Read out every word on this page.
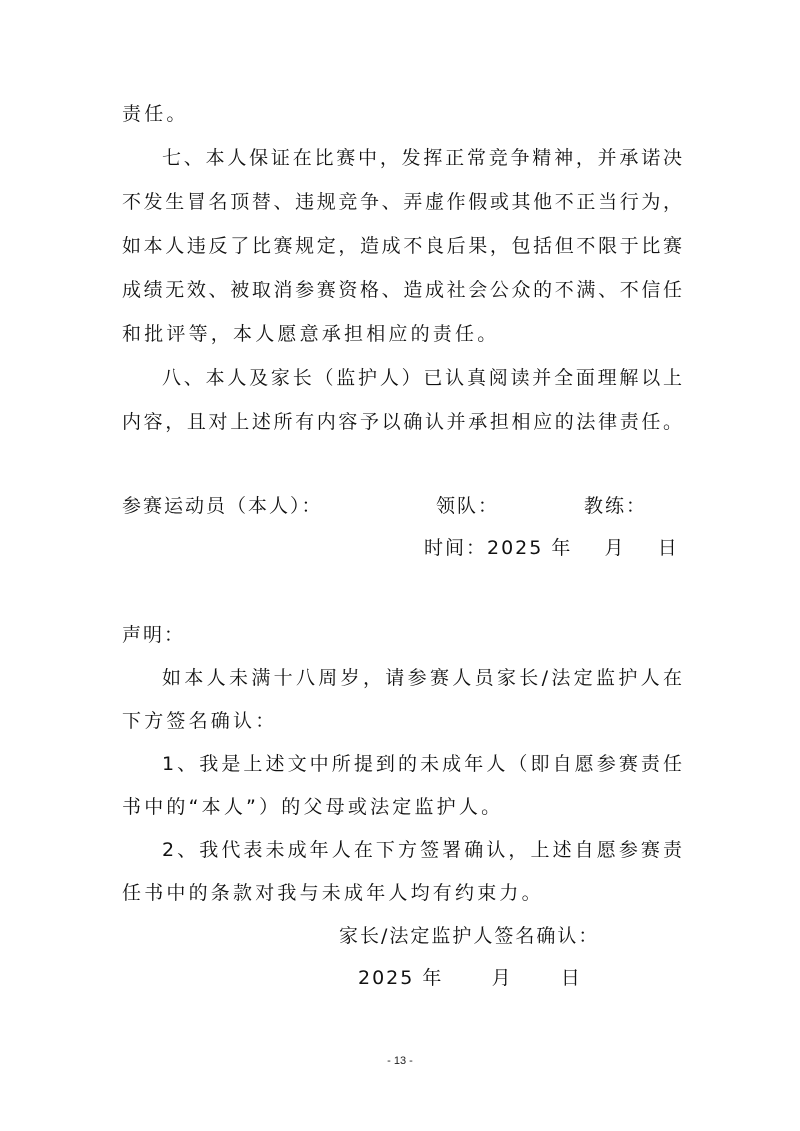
责任。
七、本人保证在比赛中，发挥正常竞争精神，并承诺决
不发生冒名顶替、违规竞争、弄虚作假或其他不正当行为，
如本人违反了比赛规定，造成不良后果，包括但不限于比赛
成绩无效、被取消参赛资格、造成社会公众的不满、不信任
和批评等，本人愿意承担相应的责任。
八、本人及家长（监护人）已认真阅读并全面理解以上
内容，且对上述所有内容予以确认并承担相应的法律责任。
参赛运动员（本人）：	领队：	教练：
时间：2025 年    月    日
声明：
如本人未满十八周岁，请参赛人员家长/法定监护人在
下方签名确认：
1、我是上述文中所提到的未成年人（即自愿参赛责任
书中的“本人”）的父母或法定监护人。
2、我代表未成年人在下方签署确认，上述自愿参赛责
任书中的条款对我与未成年人均有约束力。
家长/法定监护人签名确认：
2025 年      月      日
- 13 -
